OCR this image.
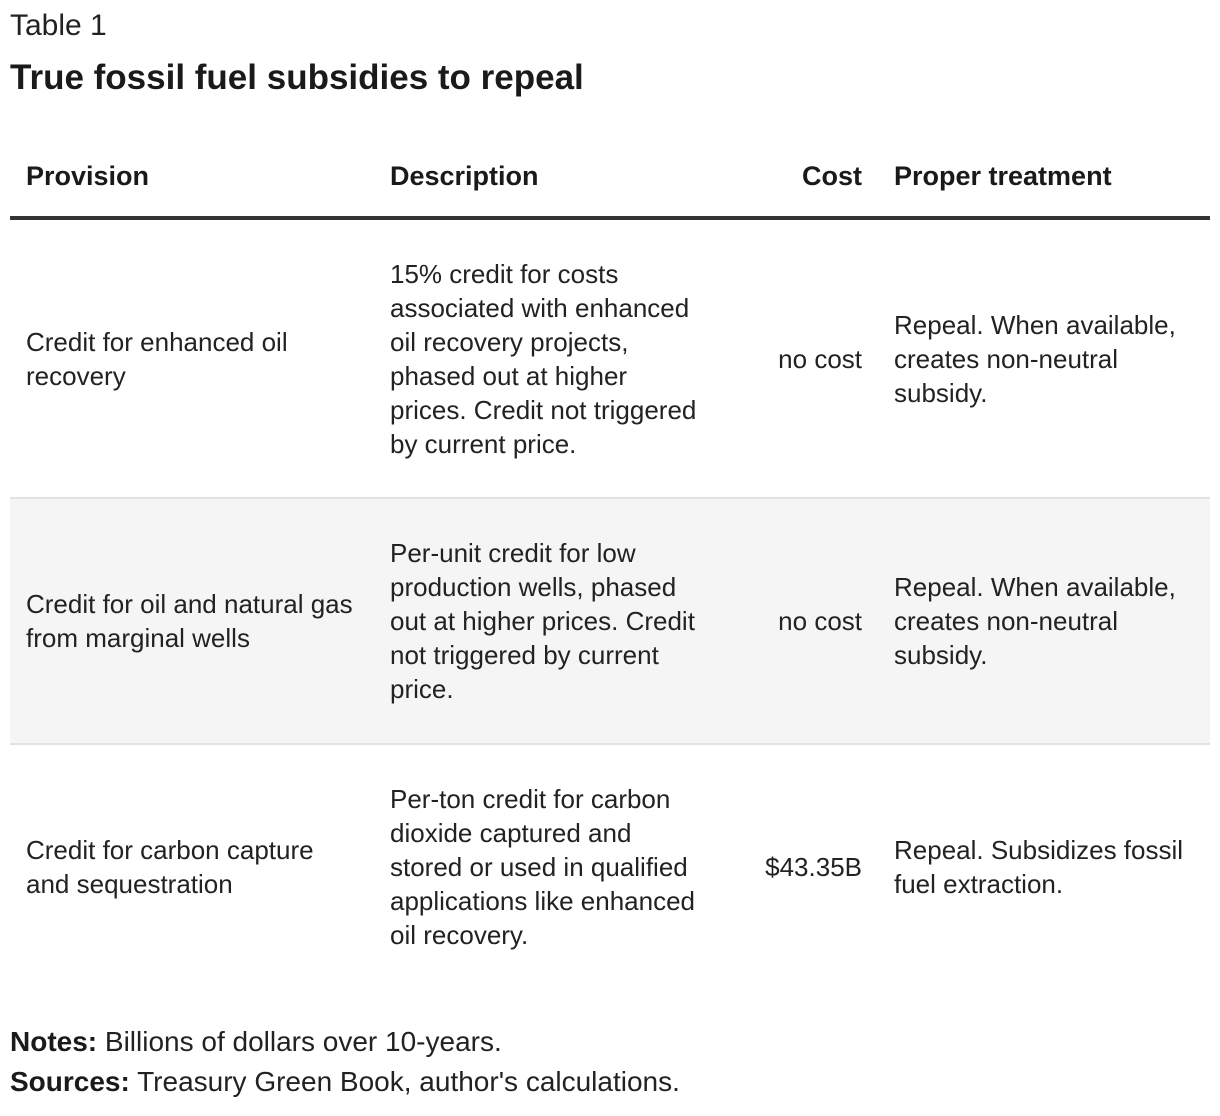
Table 1
True fossil fuel subsidies to repeal
Provision	Description	Cost	Proper treatment
Credit for enhanced oil recovery	15% credit for costs associated with enhanced oil recovery projects, phased out at higher prices. Credit not triggered by current price.	no cost	Repeal. When available, creates non-neutral subsidy.
Credit for oil and natural gas from marginal wells	Per-unit credit for low production wells, phased out at higher prices. Credit not triggered by current price.	no cost	Repeal. When available, creates non-neutral subsidy.
Credit for carbon capture and sequestration	Per-ton credit for carbon dioxide captured and stored or used in qualified applications like enhanced oil recovery.	$43.35B	Repeal. Subsidizes fossil fuel extraction.
Notes: Billions of dollars over 10-years.
Sources: Treasury Green Book, author's calculations.
